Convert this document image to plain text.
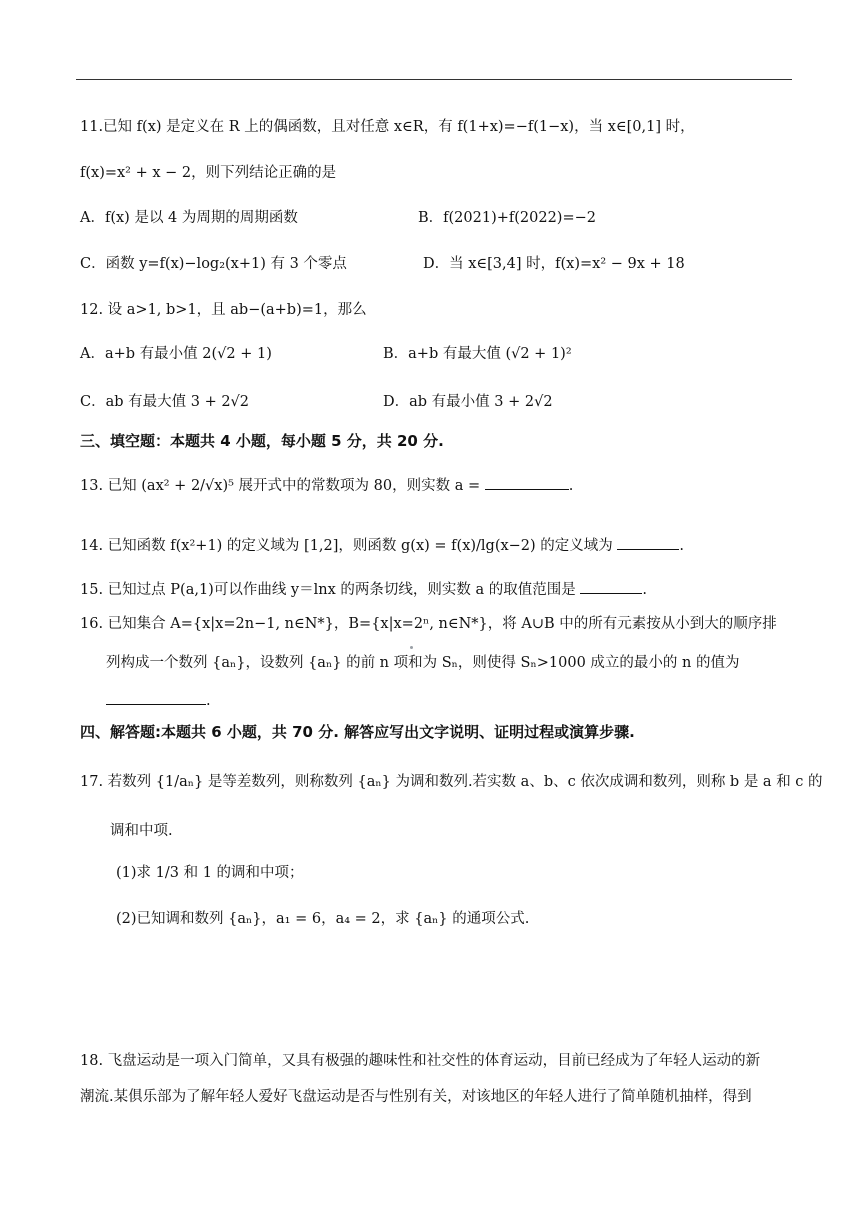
11.已知 f(x) 是定义在 R 上的偶函数，且对任意 x∈R，有 f(1+x)=−f(1−x)，当 x∈[0,1] 时，
f(x)=x² + x − 2，则下列结论正确的是
A．f(x) 是以 4 为周期的周期函数	B．f(2021)+f(2022)=−2
C．函数 y=f(x)−log₂(x+1) 有 3 个零点	D．当 x∈[3,4] 时，f(x)=x² − 9x + 18
12. 设 a>1, b>1，且 ab−(a+b)=1，那么
A．a+b 有最小值 2(√2 + 1)	B．a+b 有最大值 (√2 + 1)²
C．ab 有最大值 3 + 2√2	D．ab 有最小值 3 + 2√2
三、填空题：本题共 4 小题，每小题 5 分，共 20 分.
13. 已知 (ax² + 2/√x)⁵ 展开式中的常数项为 80，则实数 a =	.
14. 已知函数 f(x²+1) 的定义域为 [1,2]，则函数 g(x) = f(x)/lg(x−2) 的定义域为	.
15. 已知过点 P(a,1)可以作曲线 y＝lnx 的两条切线，则实数 a 的取值范围是	.
16. 已知集合 A={x|x=2n−1, n∈N*}，B={x|x=2ⁿ, n∈N*}，将 A∪B 中的所有元素按从小到大的顺序排
列构成一个数列 {aₙ}，设数列 {aₙ} 的前 n 项和为 Sₙ，则使得 Sₙ>1000 成立的最小的 n 的值为
.
四、解答题:本题共 6 小题，共 70 分. 解答应写出文字说明、证明过程或演算步骤.
17. 若数列 {1/aₙ} 是等差数列，则称数列 {aₙ} 为调和数列.若实数 a、b、c 依次成调和数列，则称 b 是 a 和 c 的
调和中项.
(1)求 1/3 和 1 的调和中项；
(2)已知调和数列 {aₙ}，a₁ = 6，a₄ = 2，求 {aₙ} 的通项公式.
18. 飞盘运动是一项入门简单，又具有极强的趣味性和社交性的体育运动，目前已经成为了年轻人运动的新
潮流.某俱乐部为了解年轻人爱好飞盘运动是否与性别有关，对该地区的年轻人进行了简单随机抽样，得到
